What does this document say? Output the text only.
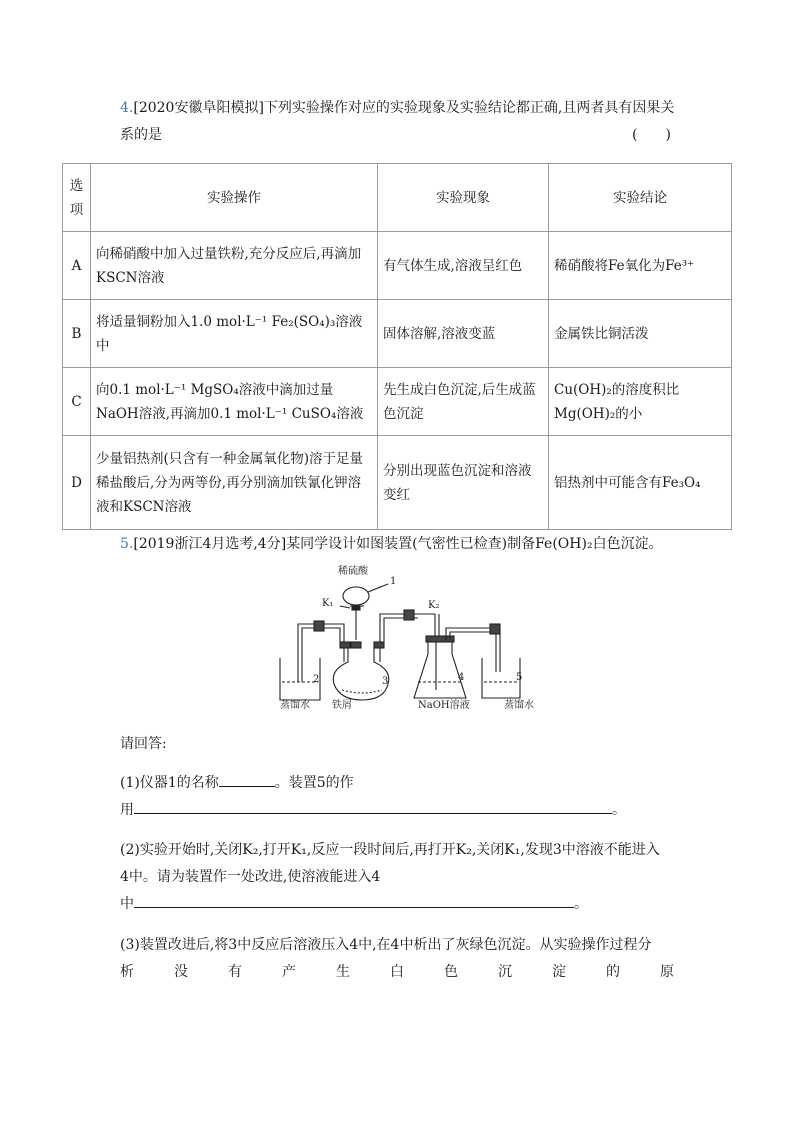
4.[2020安徽阜阳模拟]下列实验操作对应的实验现象及实验结论都正确,且两者具有因果关
系的是	(　　)
选
项	实验操作	实验现象	实验结论
A	向稀硝酸中加入过量铁粉,充分反应后,再滴加KSCN溶液	有气体生成,溶液呈红色	稀硝酸将Fe氧化为Fe³⁺
B	将适量铜粉加入1.0 mol·L⁻¹ Fe₂(SO₄)₃溶液中	固体溶解,溶液变蓝	金属铁比铜活泼
C	向0.1 mol·L⁻¹ MgSO₄溶液中滴加过量NaOH溶液,再滴加0.1 mol·L⁻¹ CuSO₄溶液	先生成白色沉淀,后生成蓝色沉淀	Cu(OH)₂的溶度积比Mg(OH)₂的小
D	少量铝热剂(只含有一种金属氧化物)溶于足量稀盐酸后,分为两等份,再分别滴加铁氰化钾溶液和KSCN溶液	分别出现蓝色沉淀和溶液变红	铝热剂中可能含有Fe₃O₄
5.[2019浙江4月选考,4分]某同学设计如图装置(气密性已检查)制备Fe(OH)₂白色沉淀。
稀硫酸
K₁
1
K₂
2	3	4	5
蒸馏水 铁屑	NaOH溶液	蒸馏水
请回答:
(1)仪器1的名称	。装置5的作
用	。
(2)实验开始时,关闭K₂,打开K₁,反应一段时间后,再打开K₂,关闭K₁,发现3中溶液不能进入
4中。请为装置作一处改进,使溶液能进入4
中	。
(3)装置改进后,将3中反应后溶液压入4中,在4中析出了灰绿色沉淀。从实验操作过程分
析	没	有	产	生	白	色	沉	淀	的	原
